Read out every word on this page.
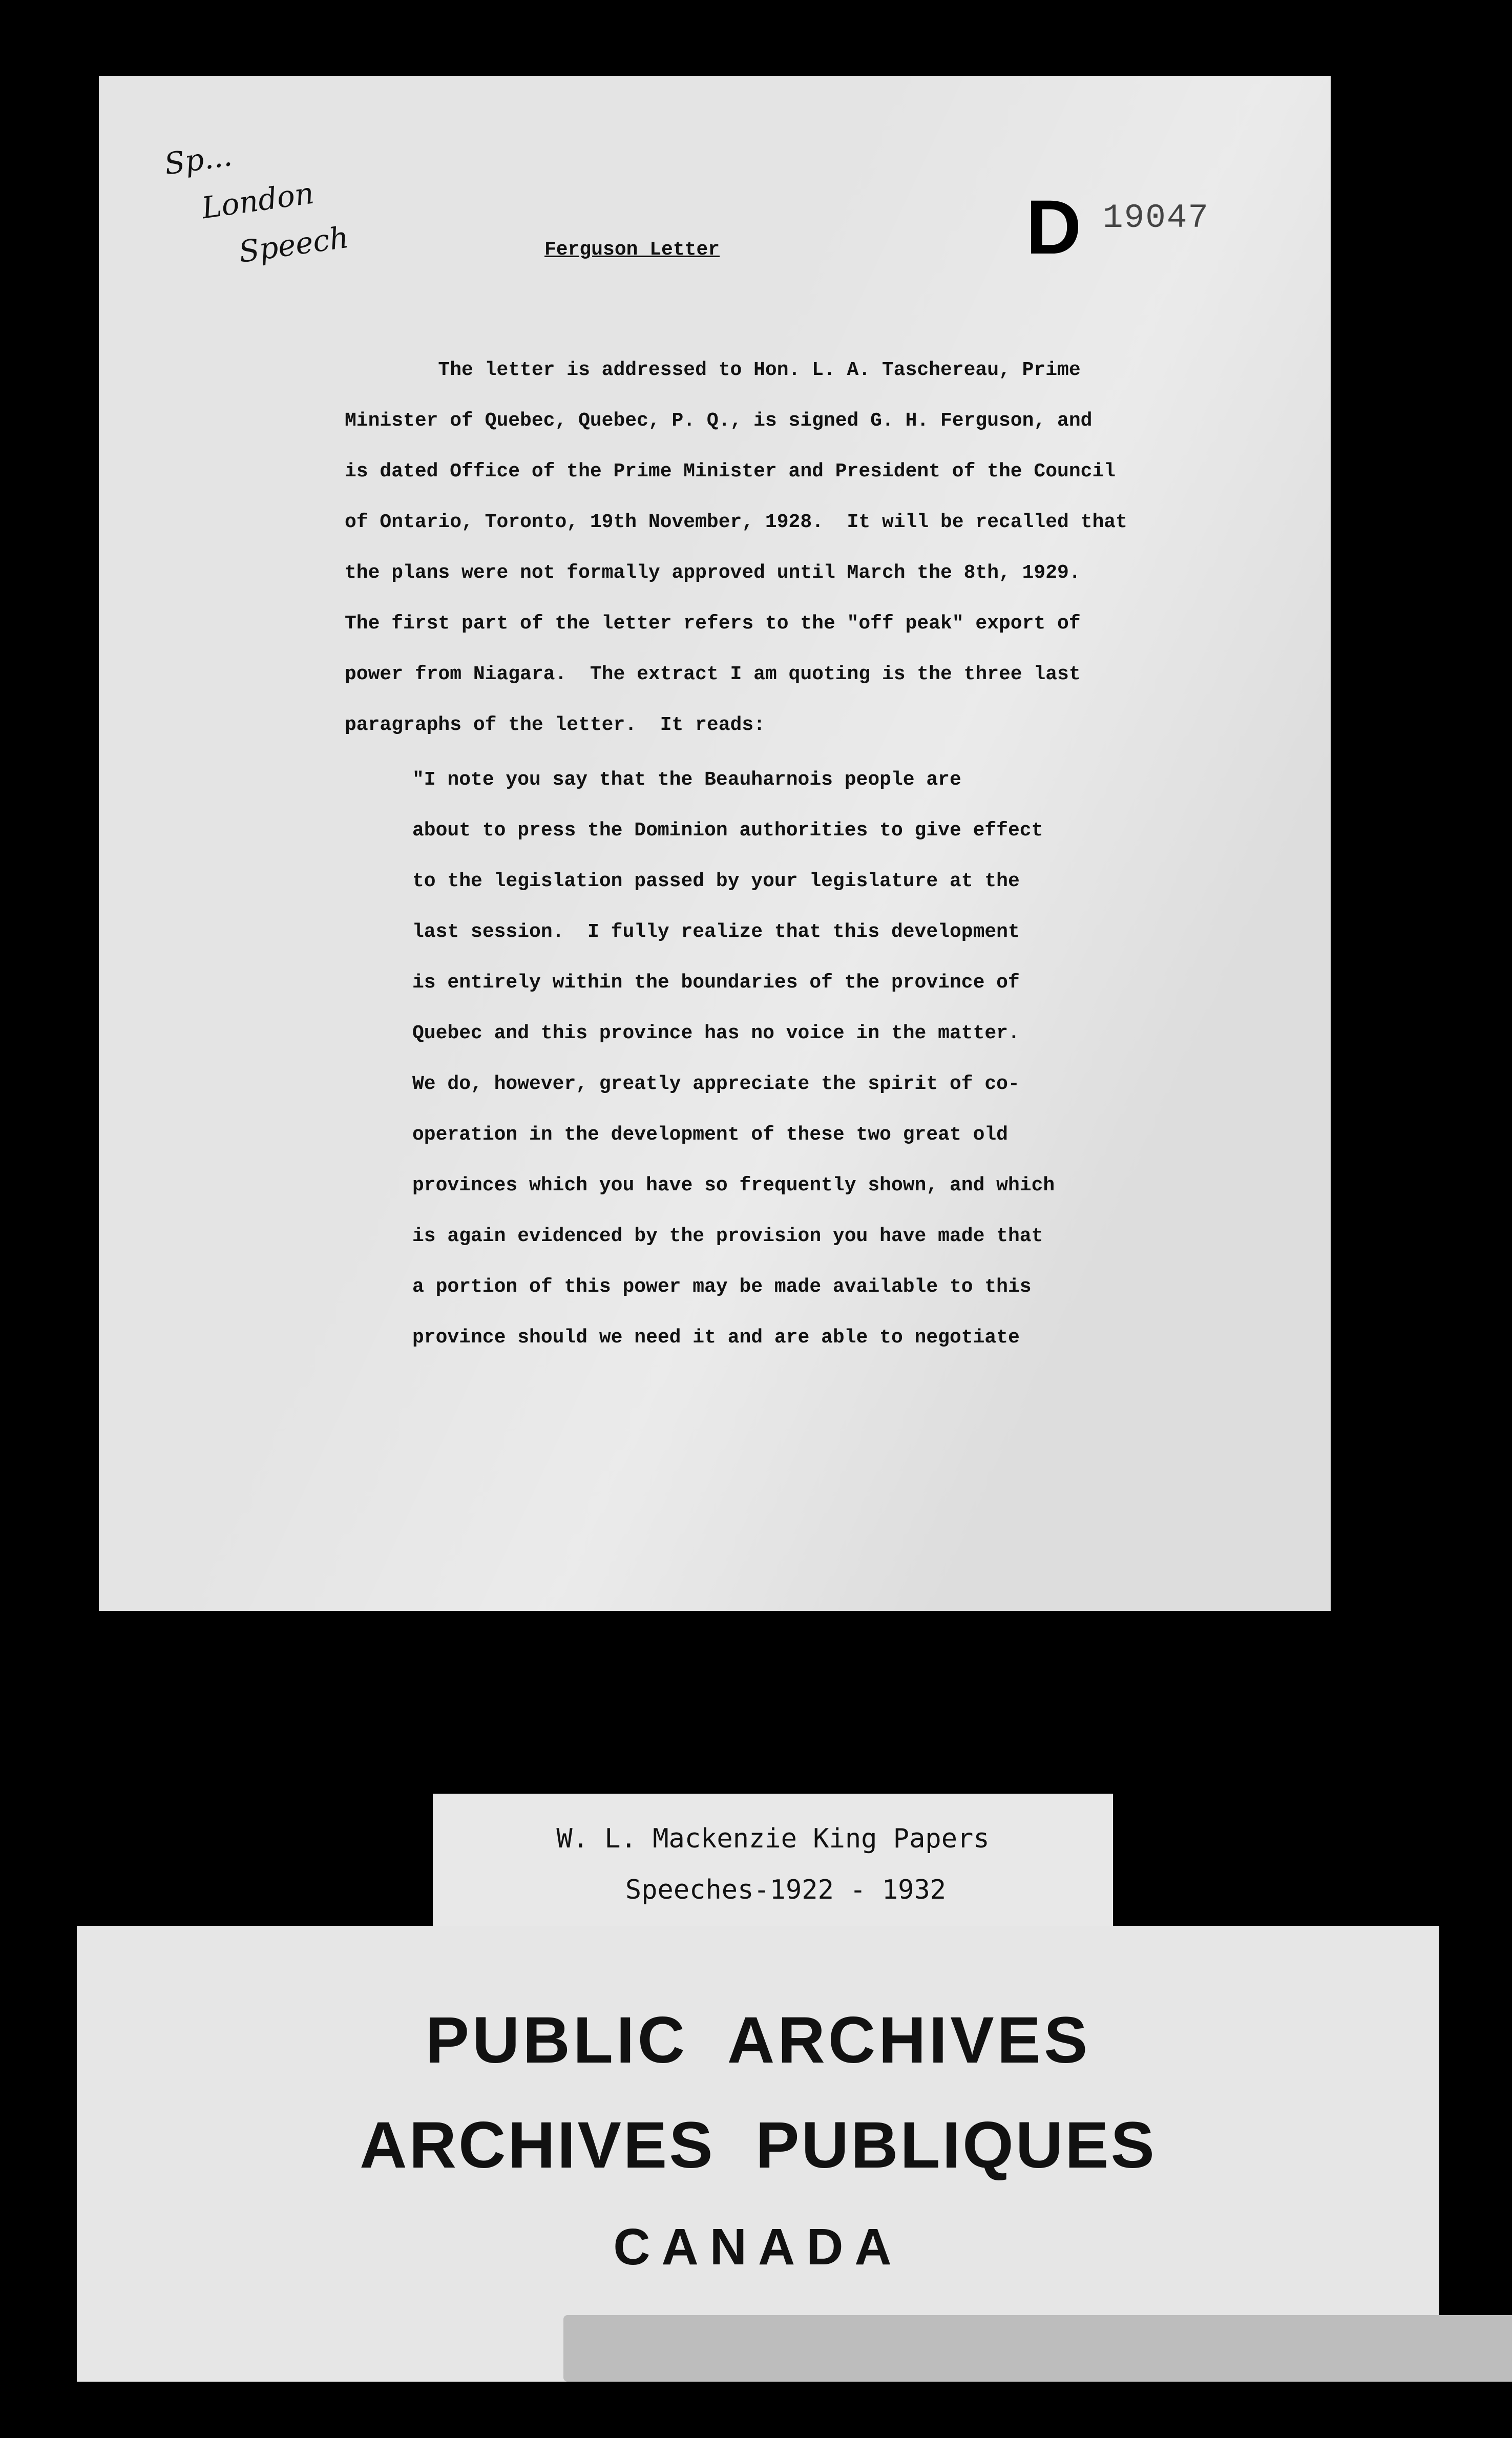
Sp...
London
Speech	D 19047
Ferguson Letter
The letter is addressed to Hon. L. A. Taschereau, Prime
Minister of Quebec, Quebec, P. Q., is signed G. H. Ferguson, and
is dated Office of the Prime Minister and President of the Council
of Ontario, Toronto, 19th November, 1928.  It will be recalled that
the plans were not formally approved until March the 8th, 1929.
The first part of the letter refers to the "off peak" export of
power from Niagara.  The extract I am quoting is the three last
paragraphs of the letter.  It reads:
"I note you say that the Beauharnois people are
about to press the Dominion authorities to give effect
to the legislation passed by your legislature at the
last session.  I fully realize that this development
is entirely within the boundaries of the province of
Quebec and this province has no voice in the matter.
We do, however, greatly appreciate the spirit of co-
operation in the development of these two great old
provinces which you have so frequently shown, and which
is again evidenced by the provision you have made that
a portion of this power may be made available to this
province should we need it and are able to negotiate
W. L. Mackenzie King Papers
Speeches-1922 - 1932
PUBLIC ARCHIVES
ARCHIVES PUBLIQUES
CANADA
